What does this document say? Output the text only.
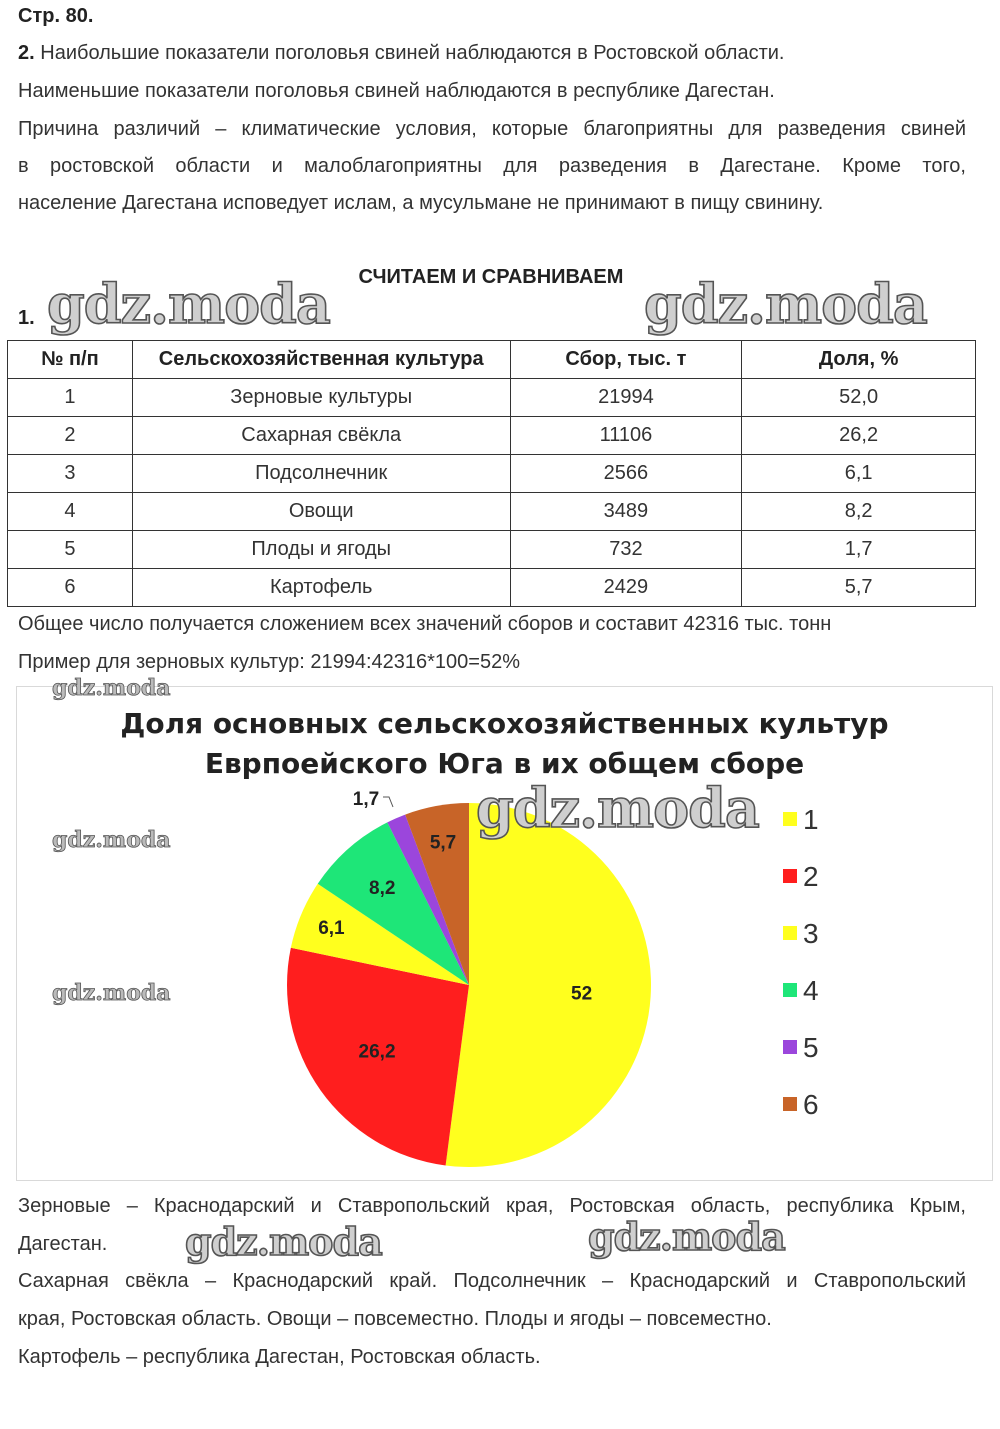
Стр. 80.
2. Наибольшие показатели поголовья свиней наблюдаются в Ростовской области.
Наименьшие показатели поголовья свиней наблюдаются в республике Дагестан.
Причина различий – климатические условия, которые благоприятны для разведения свиней
в ростовской области и малоблагоприятны для разведения в Дагестане. Кроме того,
население Дагестана исповедует ислам, а мусульмане не принимают в пищу свинину.
СЧИТАЕМ И СРАВНИВАЕМ
1.
№ п/п	Сельскохозяйственная культура	Сбор, тыс. т	Доля, %
1	Зерновые культуры	21994	52,0
2	Сахарная свёкла	11106	26,2
3	Подсолнечник	2566	6,1
4	Овощи	3489	8,2
5	Плоды и ягоды	732	1,7
6	Картофель	2429	5,7
Общее число получается сложением всех значений сборов и составит 42316 тыс. тонн
Пример для зерновых культур: 21994:42316*100=52%
Доля основных сельскохозяйственных культур
Еврпоейского Юга в их общем сборе
52
26,2
6,1
8,2
1,7
5,7
1
2
3
4
5
6
Зерновые – Краснодарский и Ставропольский края, Ростовская область, республика Крым,
Дагестан.
Сахарная свёкла – Краснодарский край. Подсолнечник – Краснодарский и Ставропольский
края, Ростовская область. Овощи – повсеместно. Плоды и ягоды – повсеместно.
Картофель – республика Дагестан, Ростовская область.
gdz.moda	gdz.moda
gdz.moda
gdz.moda
gdz.moda
gdz.moda
gdz.moda	gdz.moda
